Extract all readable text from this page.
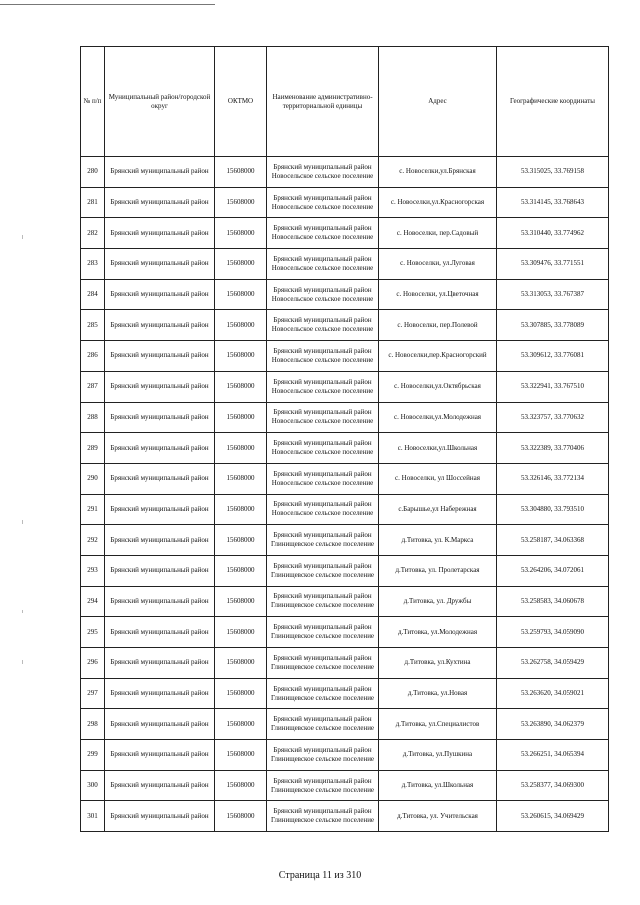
№ п/п	Муниципальный район/городской округ	ОКТМО	Наименование административно-территориальной единицы	Адрес	Географические координаты
280	Брянский муниципальный район	15608000	Брянский муниципальный район Новосельское сельское поселение	с. Новоселки,ул.Брянская	53.315025, 33.769158
281	Брянский муниципальный район	15608000	Брянский муниципальный район Новосельское сельское поселение	с. Новоселки,ул.Красногорская	53.314145, 33.768643
282	Брянский муниципальный район	15608000	Брянский муниципальный район Новосельское сельское поселение	с. Новоселки, пер.Садовый	53.310440, 33.774962
283	Брянский муниципальный район	15608000	Брянский муниципальный район Новосельское сельское поселение	с. Новоселки, ул.Луговая	53.309476, 33.771551
284	Брянский муниципальный район	15608000	Брянский муниципальный район Новосельское сельское поселение	с. Новоселки, ул.Цветочная	53.313053, 33.767387
285	Брянский муниципальный район	15608000	Брянский муниципальный район Новосельское сельское поселение	с. Новоселки, пер.Полевой	53.307885, 33.778089
286	Брянский муниципальный район	15608000	Брянский муниципальный район Новосельское сельское поселение	с. Новоселки,пер.Красногорский	53.309612, 33.776081
287	Брянский муниципальный район	15608000	Брянский муниципальный район Новосельское сельское поселение	с. Новоселки,ул.Октябрьская	53.322941, 33.767510
288	Брянский муниципальный район	15608000	Брянский муниципальный район Новосельское сельское поселение	с. Новоселки,ул.Молодежная	53.323757, 33.770632
289	Брянский муниципальный район	15608000	Брянский муниципальный район Новосельское сельское поселение	с. Новоселки,ул.Школьная	53.322389, 33.770406
290	Брянский муниципальный район	15608000	Брянский муниципальный район Новосельское сельское поселение	с. Новоселки, ул Шоссейная	53.326146, 33.772134
291	Брянский муниципальный район	15608000	Брянский муниципальный район Новосельское сельское поселение	с.Барышье,ул Набережная	53.304880, 33.793510
292	Брянский муниципальный район	15608000	Брянский муниципальный район Глинищевское сельское поселение	д.Титовка, ул. К.Маркса	53.258187, 34.063368
293	Брянский муниципальный район	15608000	Брянский муниципальный район Глинищевское сельское поселение	д.Титовка, ул. Пролетарская	53.264206, 34.072061
294	Брянский муниципальный район	15608000	Брянский муниципальный район Глинищевское сельское поселение	д.Титовка, ул. Дружбы	53.258583, 34.060678
295	Брянский муниципальный район	15608000	Брянский муниципальный район Глинищевское сельское поселение	д.Титовка, ул.Молодежная	53.259793, 34.059090
296	Брянский муниципальный район	15608000	Брянский муниципальный район Глинищевское сельское поселение	д.Титовка, ул.Кухтина	53.262758, 34.059429
297	Брянский муниципальный район	15608000	Брянский муниципальный район Глинищевское сельское поселение	д.Титовка, ул.Новая	53.263620, 34.059021
298	Брянский муниципальный район	15608000	Брянский муниципальный район Глинищевское сельское поселение	д.Титовка, ул.Специалистов	53.263890, 34.062379
299	Брянский муниципальный район	15608000	Брянский муниципальный район Глинищевское сельское поселение	д.Титовка, ул.Пушкина	53.266251, 34.065394
300	Брянский муниципальный район	15608000	Брянский муниципальный район Глинищевское сельское поселение	д.Титовка, ул.Школьная	53.258377, 34.069300
301	Брянский муниципальный район	15608000	Брянский муниципальный район Глинищевское сельское поселение	д.Титовка, ул. Учительская	53.260615, 34.069429
Страница 11 из 310
